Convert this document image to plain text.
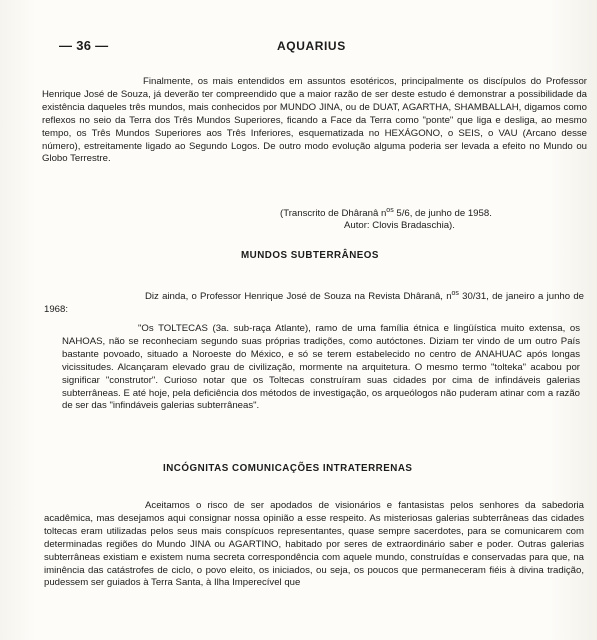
— 36 —	AQUARIUS
Finalmente, os mais entendidos em assuntos esotéricos, principalmente os discípulos do Professor Henrique José de Souza, já deverão ter compreendido que a maior razão de ser deste estudo é demonstrar a possibilidade da existência daqueles três mundos, mais conhecidos por MUNDO JINA, ou de DUAT, AGARTHA, SHAMBALLAH, digamos como reflexos no seio da Terra dos Três Mundos Superiores, ficando a Face da Terra como "ponte" que liga e desliga, ao mesmo tempo, os Três Mundos Superiores aos Três Inferiores, esquematizada no HEXÁGONO, o SEIS, o VAU (Arcano desse número), estreitamente ligado ao Segundo Logos. De outro modo evolução alguma poderia ser levada a efeito no Mundo ou Globo Terrestre.
(Transcrito de Dhâranâ $n^{os}$ 5/6, de junho de 1958.
Autor: Clovis Bradaschia).
MUNDOS SUBTERRÂNEOS
Diz ainda, o Professor Henrique José de Souza na Revista Dhâranâ, $n^{os}$ 30/31, de janeiro a junho de 1968:
"Os TOLTECAS (3a. sub-raça Atlante), ramo de uma família étnica e lingüística muito extensa, os NAHOAS, não se reconheciam segundo suas próprias tradições, como autóctones. Diziam ter vindo de um outro País bastante povoado, situado a Noroeste do México, e só se terem estabelecido no centro de ANAHUAC após longas vicissitudes. Alcançaram elevado grau de civilização, mormente na arquitetura. O mesmo termo "tolteka" acabou por significar "construtor". Curioso notar que os Toltecas construíram suas cidades por cima de infindáveis galerias subterrâneas. E até hoje, pela deficiência dos métodos de investigação, os arqueólogos não puderam atinar com a razão de ser das "infindáveis galerias subterrâneas".
INCÓGNITAS COMUNICAÇÕES INTRATERRENAS
Aceitamos o risco de ser apodados de visionários e fantasistas pelos senhores da sabedoria acadêmica, mas desejamos aqui consignar nossa opinião a esse respeito. As misteriosas galerias subterrâneas das cidades toltecas eram utilizadas pelos seus mais conspícuos representantes, quase sempre sacerdotes, para se comunicarem com determinadas regiões do Mundo JINA ou AGARTINO, habitado por seres de extraordinário saber e poder. Outras galerias subterrâneas existiam e existem numa secreta correspondência com aquele mundo, construídas e conservadas para que, na iminência das catástrofes de ciclo, o povo eleito, os iniciados, ou seja, os poucos que permaneceram fiéis à divina tradição, pudessem ser guiados à Terra Santa, à Ilha Imperecível que
